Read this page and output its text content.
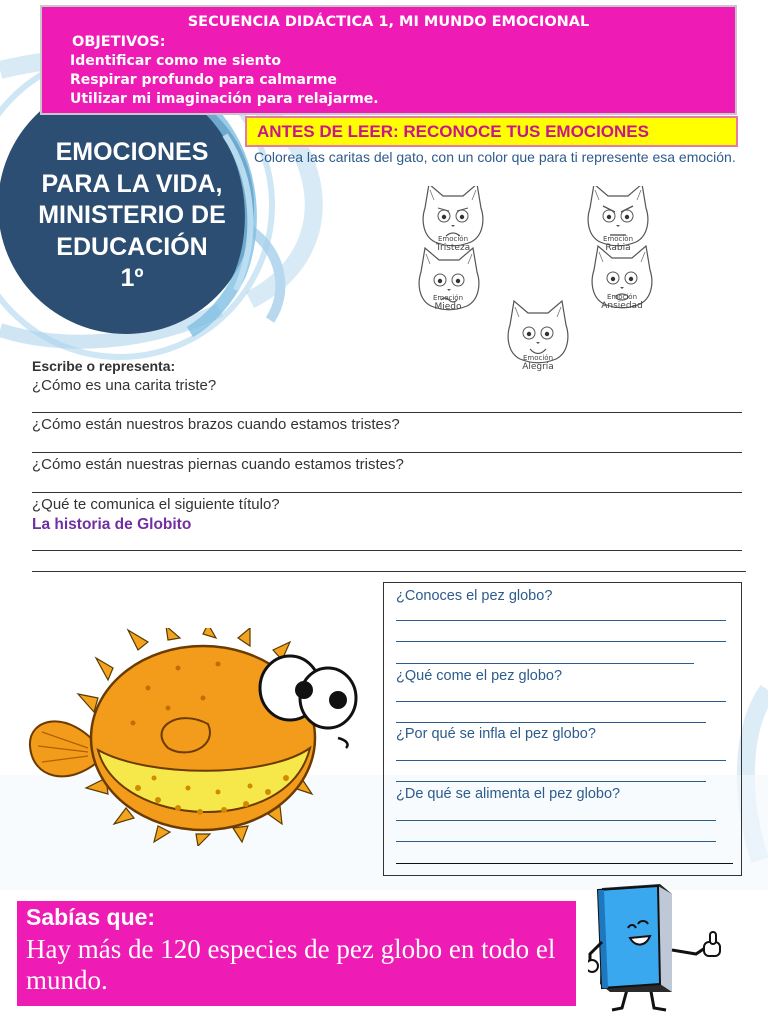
SECUENCIA DIDÁCTICA 1, MI MUNDO EMOCIONAL
OBJETIVOS:
Identificar como me siento
Respirar profundo para calmarme
Utilizar mi imaginación para relajarme.
EMOCIONES
PARA LA VIDA,
MINISTERIO DE
EDUCACIÓN
1º
ANTES DE LEER: RECONOCE TUS EMOCIONES
Colorea las caritas del gato, con un color que para ti represente esa emoción.
Emoción
Tristeza
Emoción
Rabia
Emoción
Miedo
Emoción
Ansiedad
Emoción
Alegría
Escribe o representa:
¿Cómo es una carita triste?
¿Cómo están nuestros brazos cuando estamos tristes?
¿Cómo están nuestras piernas cuando estamos tristes?
¿Qué te comunica el siguiente título?
La historia de Globito
¿Conoces el pez globo?
¿Qué come el pez globo?
¿Por qué se infla el pez globo?
¿De qué se alimenta el pez globo?
Sabías que:
Hay más de 120 especies de pez globo en todo el mundo.
